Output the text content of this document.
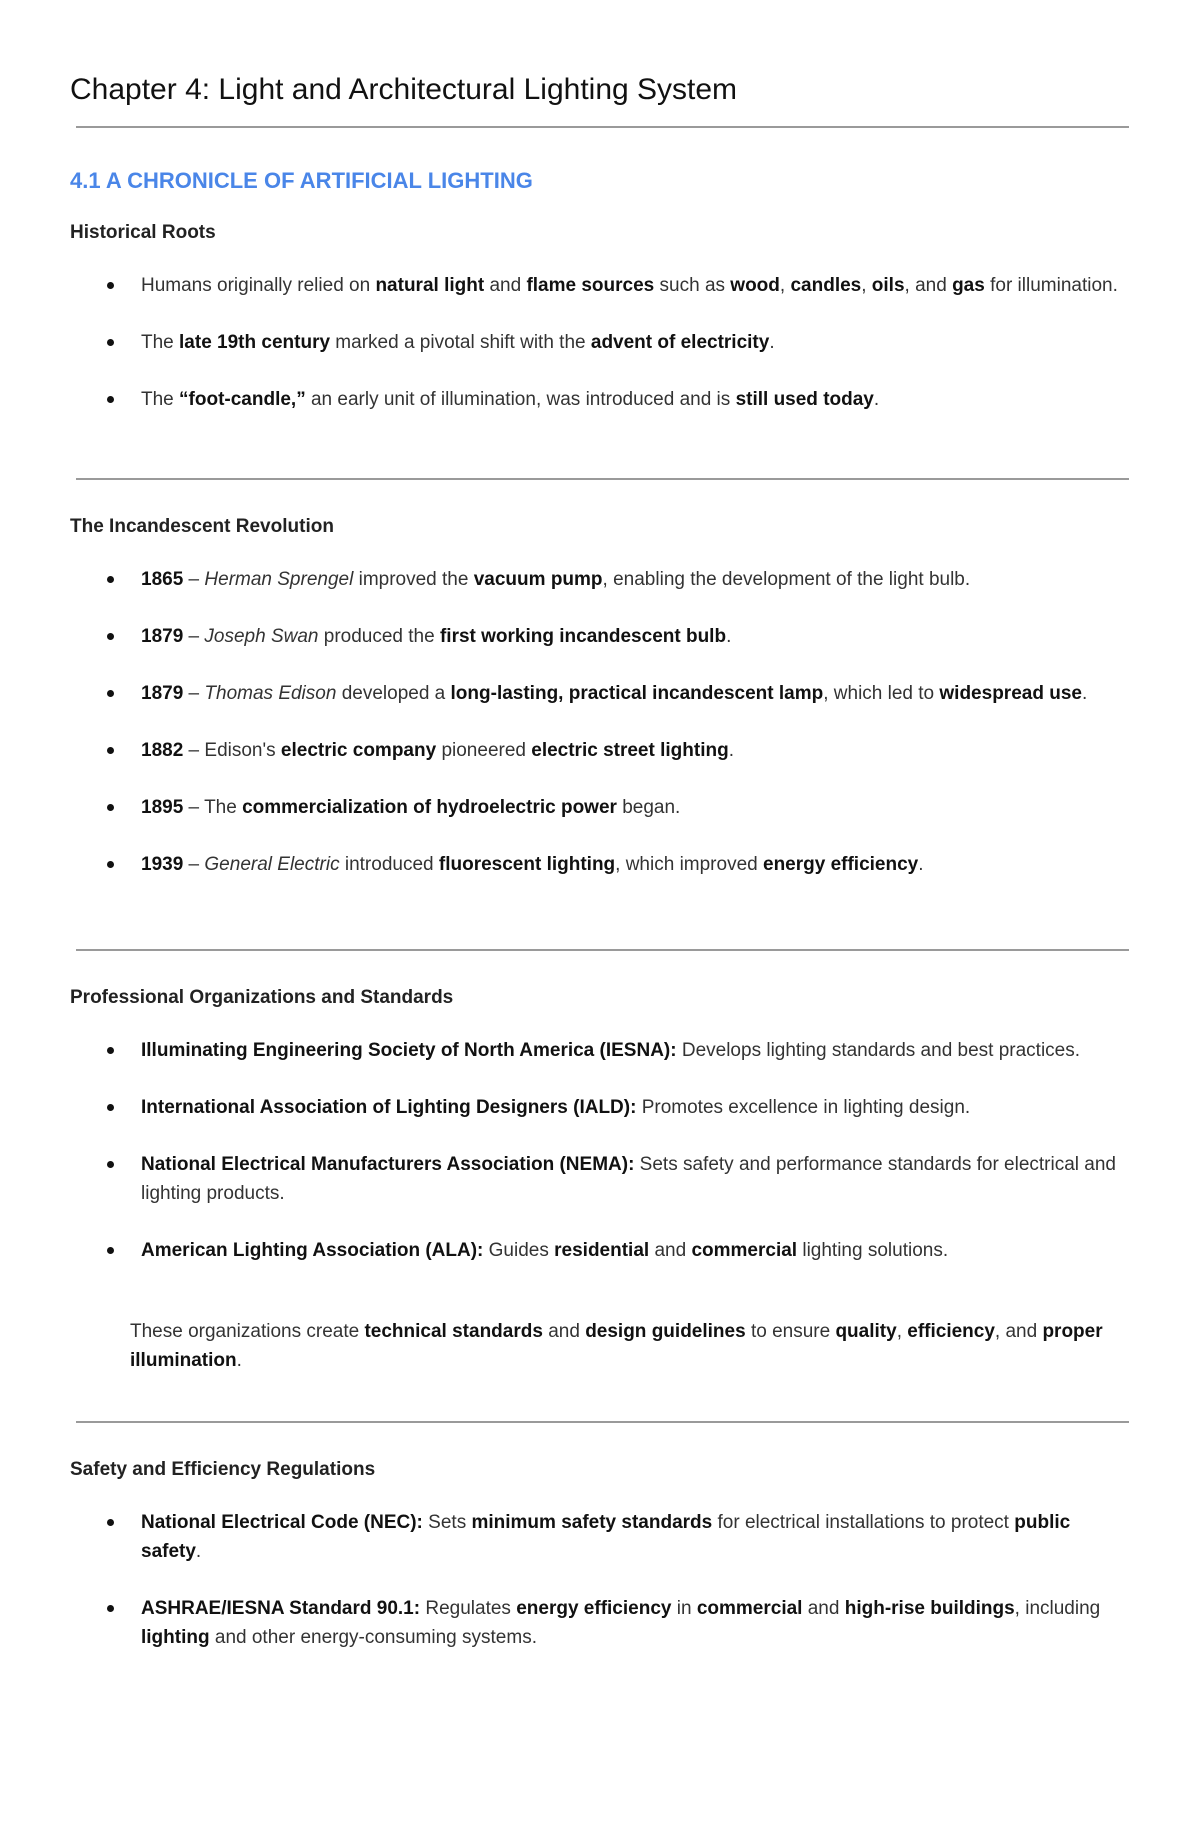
Chapter 4: Light and Architectural Lighting System
4.1 A CHRONICLE OF ARTIFICIAL LIGHTING
Historical Roots
Humans originally relied on natural light and flame sources such as wood, candles, oils, and gas for illumination.
The late 19th century marked a pivotal shift with the advent of electricity.
The “foot-candle,” an early unit of illumination, was introduced and is still used today.
The Incandescent Revolution
1865 – Herman Sprengel improved the vacuum pump, enabling the development of the light bulb.
1879 – Joseph Swan produced the first working incandescent bulb.
1879 – Thomas Edison developed a long-lasting, practical incandescent lamp, which led to widespread use.
1882 – Edison's electric company pioneered electric street lighting.
1895 – The commercialization of hydroelectric power began.
1939 – General Electric introduced fluorescent lighting, which improved energy efficiency.
Professional Organizations and Standards
Illuminating Engineering Society of North America (IESNA): Develops lighting standards and best practices.
International Association of Lighting Designers (IALD): Promotes excellence in lighting design.
National Electrical Manufacturers Association (NEMA): Sets safety and performance standards for electrical and lighting products.
American Lighting Association (ALA): Guides residential and commercial lighting solutions.
These organizations create technical standards and design guidelines to ensure quality, efficiency, and proper illumination.
Safety and Efficiency Regulations
National Electrical Code (NEC): Sets minimum safety standards for electrical installations to protect public safety.
ASHRAE/IESNA Standard 90.1: Regulates energy efficiency in commercial and high-rise buildings, including lighting and other energy-consuming systems.
